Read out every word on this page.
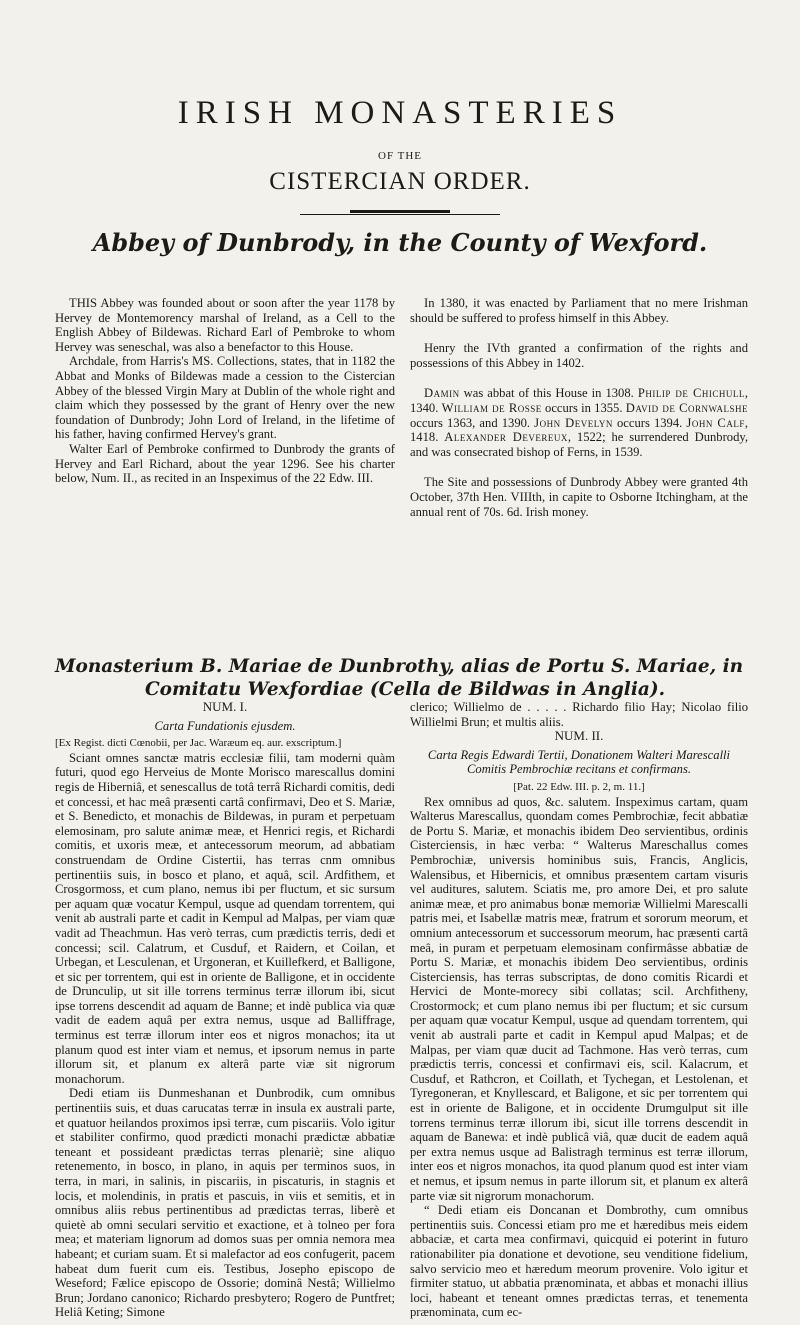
IRISH MONASTERIES
OF THE
CISTERCIAN ORDER.
Abbey of Dunbrody, in the County of Wexford.

THIS Abbey was founded about or soon after the year 1178 by Hervey de Montemorency marshal of Ireland, as a Cell to the English Abbey of Bildewas. Richard Earl of Pembroke to whom Hervey was seneschal, was also a benefactor to this House.

Archdale, from Harris's MS. Collections, states, that in 1182 the Abbat and Monks of Bildewas made a cession to the Cistercian Abbey of the blessed Virgin Mary at Dublin of the whole right and claim which they possessed by the grant of Henry over the new foundation of Dunbrody; John Lord of Ireland, in the lifetime of his father, having confirmed Hervey's grant.

Walter Earl of Pembroke confirmed to Dunbrody the grants of Hervey and Earl Richard, about the year 1296. See his charter below, Num. II., as recited in an Inspeximus of the 22 Edw. III.

In 1380, it was enacted by Parliament that no mere Irishman should be suffered to profess himself in this Abbey.

Henry the IVth granted a confirmation of the rights and possessions of this Abbey in 1402.

Damin was abbat of this House in 1308. Philip de Chichull, 1340. William de Rosse occurs in 1355. David de Cornwalshe occurs 1363, and 1390. John Develyn occurs 1394. John Calf, 1418. Alexander Devereux, 1522; he surrendered Dunbrody, and was consecrated bishop of Ferns, in 1539.

The Site and possessions of Dunbrody Abbey were granted 4th October, 37th Hen. VIIIth, in capite to Osborne Itchingham, at the annual rent of 70s. 6d. Irish money.

Monasterium B. Mariae de Dunbrothy, alias de Portu S. Mariae, in
Comitatu Wexfordiae (Cella de Bildwas in Anglia).

NUM. I.

Carta Fundationis ejusdem.

[Ex Regist. dicti Cœnobii, per Jac. Waræum eq. aur. exscriptum.]

Sciant omnes sanctæ matris ecclesiæ filii, tam moderni quàm futuri, quod ego Herveius de Monte Morisco marescallus domini regis de Hiberniâ, et senescallus de totâ terrâ Richardi comitis, dedi et concessi, et hac meâ præsenti cartâ confirmavi, Deo et S. Mariæ, et S. Benedicto, et monachis de Bildewas, in puram et perpetuam elemosinam, pro salute animæ meæ, et Henrici regis, et Richardi comitis, et uxoris meæ, et antecessorum meorum, ad abbatiam construendam de Ordine Cistertii, has terras cnm omnibus pertinentiis suis, in bosco et plano, et aquâ, scil. Ardfithem, et Crosgormoss, et cum plano, nemus ibi per fluctum, et sic sursum per aquam quæ vocatur Kempul, usque ad quendam torrentem, qui venit ab australi parte et cadit in Kempul ad Malpas, per viam quæ vadit ad Theachmun. Has verò terras, cum prædictis terris, dedi et concessi; scil. Calatrum, et Cusduf, et Raidern, et Coilan, et Urbegan, et Lesculenan, et Urgoneran, et Kuillefkerd, et Balligone, et sic per torrentem, qui est in oriente de Balligone, et in occidente de Drunculip, ut sit ille torrens terminus terræ illorum ibi, sicut ipse torrens descendit ad aquam de Banne; et indè publica via quæ vadit de eadem aquâ per extra nemus, usque ad Balliffrage, terminus est terræ illorum inter eos et nigros monachos; ita ut planum quod est inter viam et nemus, et ipsorum nemus in parte illorum sit, et planum ex alterâ parte viæ sit nigrorum monachorum.

Dedi etiam iis Dunmeshanan et Dunbrodik, cum omnibus pertinentiis suis, et duas carucatas terræ in insula ex australi parte, et quatuor heilandos proximos ipsi terræ, cum piscariis. Volo igitur et stabiliter confirmo, quod prædicti monachi prædictæ abbatiæ teneant et possideant prædictas terras plenariè; sine aliquo retenemento, in bosco, in plano, in aquis per terminos suos, in terra, in mari, in salinis, in piscariis, in piscaturis, in stagnis et locis, et molendinis, in pratis et pascuis, in viis et semitis, et in omnibus aliis rebus pertinentibus ad prædictas terras, liberè et quietè ab omni seculari servitio et exactione, et à tolneo per fora mea; et materiam lignorum ad domos suas per omnia nemora mea habeant; et curiam suam. Et si malefactor ad eos confugerit, pacem habeat dum fuerit cum eis. Testibus, Josepho episcopo de Weseford; Fælice episcopo de Ossorie; dominâ Nestâ; Willielmo Brun; Jordano canonico; Richardo presbytero; Rogero de Puntfret; Heliâ Keting; Simone

clerico; Willielmo de . . . . . Richardo filio Hay; Nicolao filio Willielmi Brun; et multis aliis.

NUM. II.

Carta Regis Edwardi Tertii, Donationem Walteri Marescalli Comitis Pembrochiæ recitans et confirmans.

[Pat. 22 Edw. III. p. 2, m. 11.]

Rex omnibus ad quos, &c. salutem. Inspeximus cartam, quam Walterus Marescallus, quondam comes Pembrochiæ, fecit abbatiæ de Portu S. Mariæ, et monachis ibidem Deo servientibus, ordinis Cisterciensis, in hæc verba: “ Walterus Mareschallus comes Pembrochiæ, universis hominibus suis, Francis, Anglicis, Walensibus, et Hibernicis, et omnibus præsentem cartam visuris vel auditures, salutem. Sciatis me, pro amore Dei, et pro salute animæ meæ, et pro animabus bonæ memoriæ Willielmi Marescalli patris mei, et Isabellæ matris meæ, fratrum et sororum meorum, et omnium antecessorum et successorum meorum, hac præsenti cartâ meâ, in puram et perpetuam elemosinam confirmâsse abbatiæ de Portu S. Mariæ, et monachis ibidem Deo servientibus, ordinis Cisterciensis, has terras subscriptas, de dono comitis Ricardi et Hervici de Monte-morecy sibi collatas; scil. Archfitheny, Crostormock; et cum plano nemus ibi per fluctum; et sic cursum per aquam quæ vocatur Kempul, usque ad quendam torrentem, qui venit ab australi parte et cadit in Kempul apud Malpas; et de Malpas, per viam quæ ducit ad Tachmone. Has verò terras, cum prædictis terris, concessi et confirmavi eis, scil. Kalacrum, et Cusduf, et Rathcron, et Coillath, et Tychegan, et Lestolenan, et Tyregoneran, et Knyllescard, et Baligone, et sic per torrentem qui est in oriente de Baligone, et in occidente Drumgulput sit ille torrens terminus terræ illorum ibi, sicut ille torrens descendit in aquam de Banewa: et indè publicâ viâ, quæ ducit de eadem aquâ per extra nemus usque ad Balistragh terminus est terræ illorum, inter eos et nigros monachos, ita quod planum quod est inter viam et nemus, et ipsum nemus in parte illorum sit, et planum ex alterâ parte viæ sit nigrorum monachorum.

“ Dedi etiam eis Doncanan et Dombrothy, cum omnibus pertinentiis suis. Concessi etiam pro me et hæredibus meis eidem abbaciæ, et carta mea confirmavi, quicquid ei poterint in futuro rationabiliter pia donatione et devotione, seu venditione fidelium, salvo servicio meo et hæredum meorum provenire. Volo igitur et firmiter statuo, ut abbatia prænominata, et abbas et monachi illius loci, habeant et teneant omnes prædictas terras, et tenementa prænominata, cum ec-
